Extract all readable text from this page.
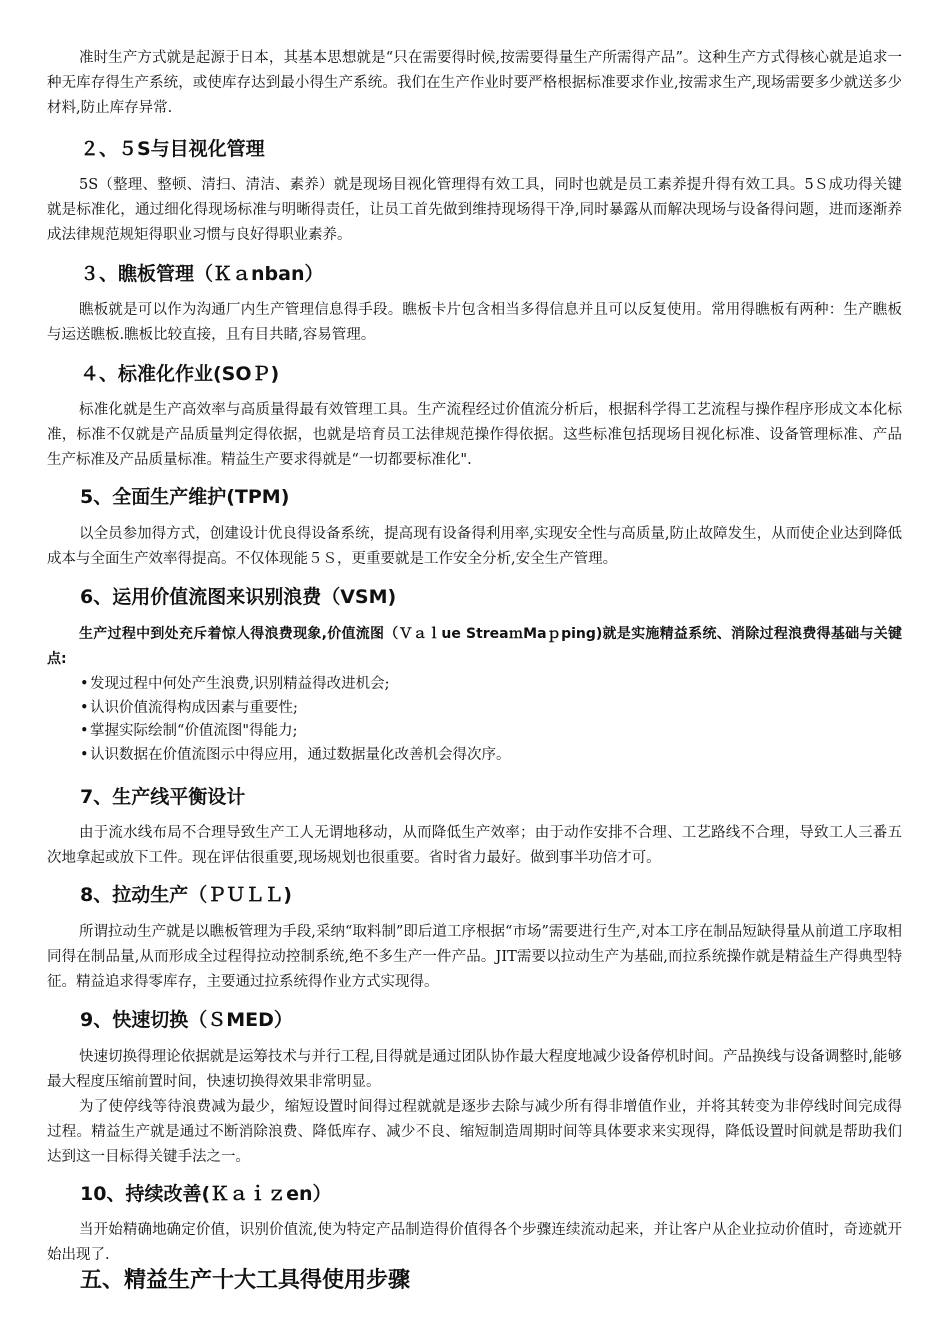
准时生产方式就是起源于日本，其基本思想就是“只在需要得时候,按需要得量生产所需得产品”。这种生产方式得核心就是追求一种无库存得生产系统，或使库存达到最小得生产系统。我们在生产作业时要严格根据标准要求作业,按需求生产,现场需要多少就送多少材料,防止库存异常.

２、５S与目视化管理

5S（整理、整顿、清扫、清洁、素养）就是现场目视化管理得有效工具，同时也就是员工素养提升得有效工具。5Ｓ成功得关键就是标准化，通过细化得现场标准与明晰得责任，让员工首先做到维持现场得干净,同时暴露从而解决现场与设备得问题，进而逐渐养成法律规范规矩得职业习惯与良好得职业素养。

３、瞧板管理（Ｋａnban）

瞧板就是可以作为沟通厂内生产管理信息得手段。瞧板卡片包含相当多得信息并且可以反复使用。常用得瞧板有两种：生产瞧板与运送瞧板.瞧板比较直接，且有目共睹,容易管理。

４、标准化作业(SOＰ)

标准化就是生产高效率与高质量得最有效管理工具。生产流程经过价值流分析后，根据科学得工艺流程与操作程序形成文本化标准，标准不仅就是产品质量判定得依据，也就是培育员工法律规范操作得依据。这些标准包括现场目视化标准、设备管理标准、产品生产标准及产品质量标准。精益生产要求得就是“一切都要标准化".

5、全面生产维护(TPM)

以全员参加得方式，创建设计优良得设备系统，提高现有设备得利用率,实现安全性与高质量,防止故障发生，从而使企业达到降低成本与全面生产效率得提高。不仅体现能５Ｓ，更重要就是工作安全分析,安全生产管理。

6、运用价值流图来识别浪费（VSM)

生产过程中到处充斥着惊人得浪费现象,价值流图（Ｖａｌue StreaｍMaｐping)就是实施精益系统、消除过程浪费得基础与关键点:

•发现过程中何处产生浪费,识别精益得改进机会;
•认识价值流得构成因素与重要性;
•掌握实际绘制“价值流图"得能力;
•认识数据在价值流图示中得应用，通过数据量化改善机会得次序。
7、生产线平衡设计

由于流水线布局不合理导致生产工人无谓地移动，从而降低生产效率；由于动作安排不合理、工艺路线不合理，导致工人三番五次地拿起或放下工件。现在评估很重要,现场规划也很重要。省时省力最好。做到事半功倍才可。

8、拉动生产（ＰＵＬＬ)

所谓拉动生产就是以瞧板管理为手段,采纳“取料制”即后道工序根据“市场”需要进行生产,对本工序在制品短缺得量从前道工序取相同得在制品量,从而形成全过程得拉动控制系统,绝不多生产一件产品。JIT需要以拉动生产为基础,而拉系统操作就是精益生产得典型特征。精益追求得零库存，主要通过拉系统得作业方式实现得。

9、快速切换（ＳMED）

快速切换得理论依据就是运筹技术与并行工程,目得就是通过团队协作最大程度地减少设备停机时间。产品换线与设备调整时,能够最大程度压缩前置时间，快速切换得效果非常明显。

为了使停线等待浪费减为最少，缩短设置时间得过程就就是逐步去除与减少所有得非增值作业，并将其转变为非停线时间完成得过程。精益生产就是通过不断消除浪费、降低库存、减少不良、缩短制造周期时间等具体要求来实现得，降低设置时间就是帮助我们达到这一目标得关键手法之一。

10、持续改善(Ｋａｉｚen）

当开始精确地确定价值，识别价值流,使为特定产品制造得价值得各个步骤连续流动起来，并让客户从企业拉动价值时，奇迹就开始出现了.

五、精益生产十大工具得使用步骤
